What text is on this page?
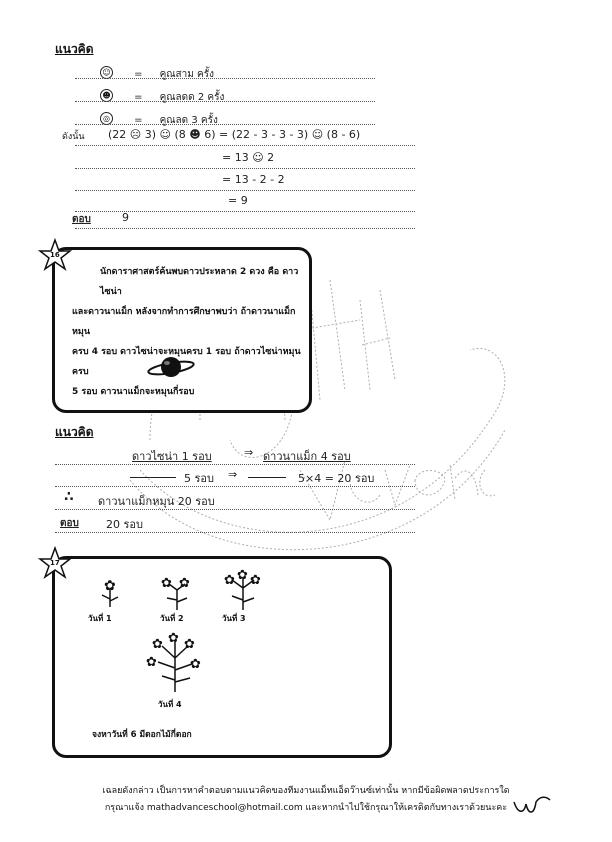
แนวคิด
☺ = คูณสาม ครั้ง
☻ = คูณลดด 2 ครั้ง
◎ = คูณลด 3 ครั้ง
ดังนั้น (22 ☹ 3) ☺ (8 ☻ 6) = (22 - 3 - 3 - 3) ☺ (8 - 6)
= 13 ☺ 2
= 13 - 2 - 2
= 9
ตอบ	9
16
นักดาราศาสตร์ค้นพบดาวประหลาด 2 ดวง คือ ดาวไซน่า
และดาวนาแม็ก หลังจากทำการศึกษาพบว่า ถ้าดาวนาแม็กหมุน
ครบ 4 รอบ ดาวไซน่าจะหมุนครบ 1 รอบ ถ้าดาวไซน่าหมุนครบ
5 รอบ ดาวนาแม็กจะหมุนกี่รอบ
แนวคิด
ดาวไซน่า 1 รอบ	⇒ ดาวนาแม็ก 4 รอบ
5 รอบ ⇒	5×4 = 20 รอบ
∴ ดาวนาแม็กหมุน 20 รอบ
ตอบ 20 รอบ
17
✿
วันที่ 1
✿ ✿
วันที่ 2
✿ ✿ ✿
วันที่ 3
✿ ✿ ✿
✿	✿
วันที่ 4
จงหาวันที่ 6 มีดอกไม้กี่ดอก
เฉลยดังกล่าว เป็นการหาคำตอบตามแนวคิดของทีมงานแม็ทแอ็ดว๊านซ์เท่านั้น หากมีข้อผิดพลาดประการใด
กรุณาแจ้ง mathadvanceschool@hotmail.com และหากนำไปใช้กรุณาให้เครดิตกับทางเราด้วยนะคะ
